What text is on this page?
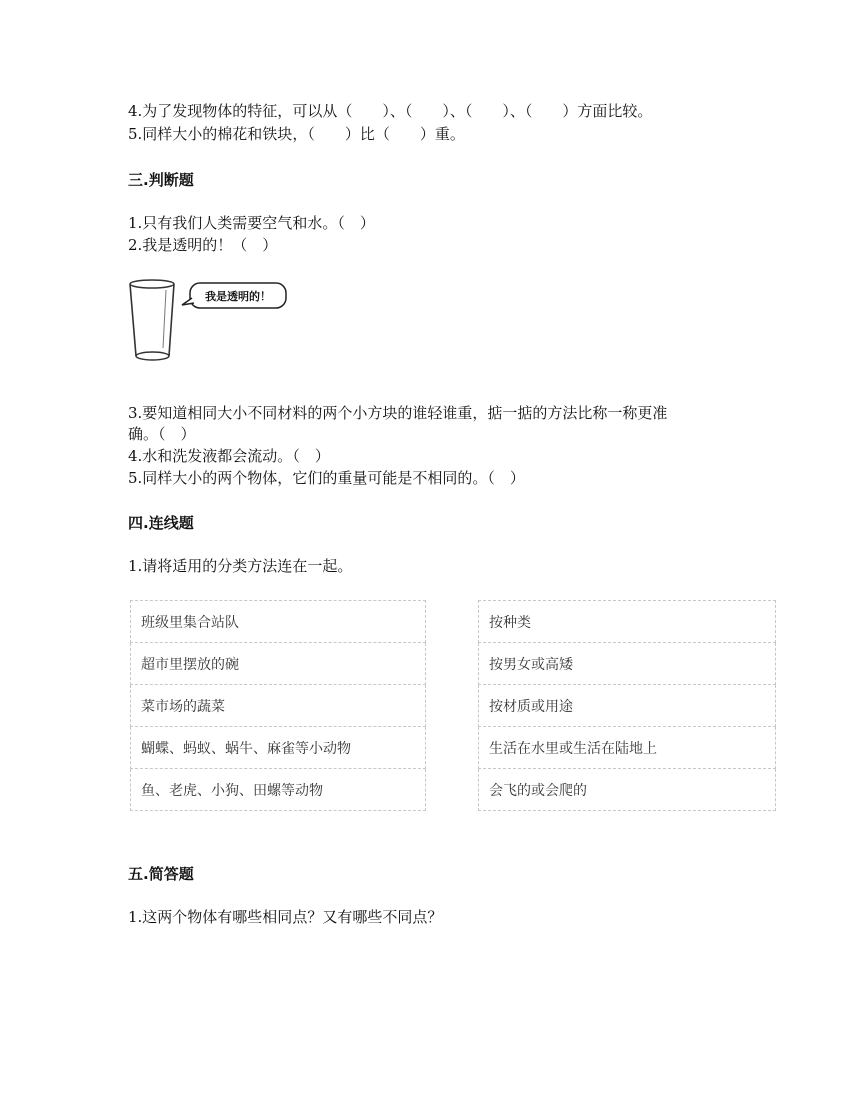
4.为了发现物体的特征，可以从（　　）、（　　）、（　　）、（　　）方面比较。
5.同样大小的棉花和铁块，（　　）比（　　）重。
三.判断题
1.只有我们人类需要空气和水。（　）
2.我是透明的！（　）
我是透明的！
3.要知道相同大小不同材料的两个小方块的谁轻谁重，掂一掂的方法比称一称更准
确。（　）
4.水和洗发液都会流动。（　）
5.同样大小的两个物体，它们的重量可能是不相同的。（　）
四.连线题
1.请将适用的分类方法连在一起。
班级里集合站队
超市里摆放的碗
菜市场的蔬菜
蝴蝶、蚂蚁、蜗牛、麻雀等小动物
鱼、老虎、小狗、田螺等动物
按种类
按男女或高矮
按材质或用途
生活在水里或生活在陆地上
会飞的或会爬的
五.简答题
1.这两个物体有哪些相同点？又有哪些不同点？
